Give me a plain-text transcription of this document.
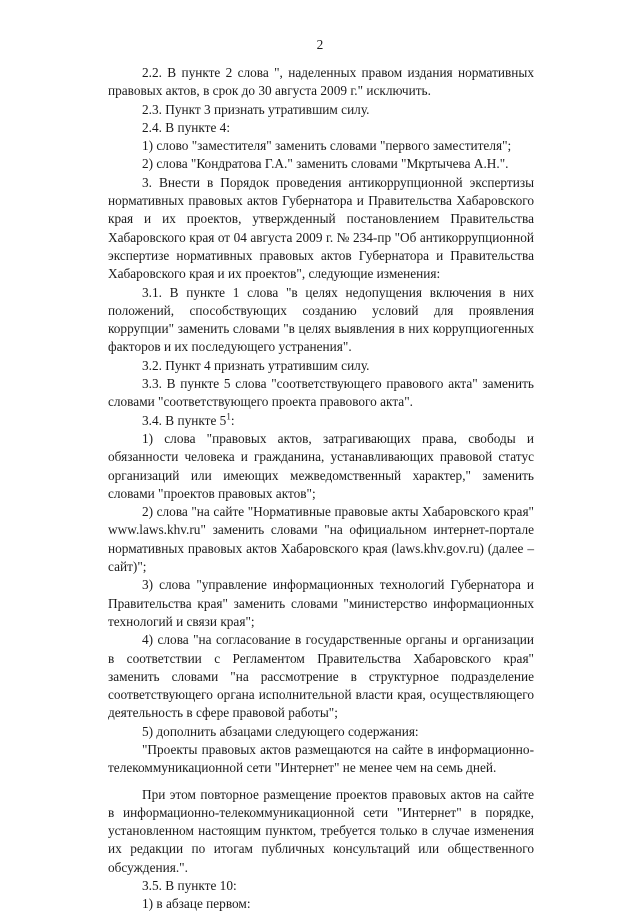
2

2.2. В пункте 2 слова ", наделенных правом издания нормативных правовых актов, в срок до 30 августа 2009 г." исключить.

2.3. Пункт 3 признать утратившим силу.

2.4. В пункте 4:

1) слово "заместителя" заменить словами "первого заместителя";

2) слова "Кондратова Г.А." заменить словами "Мкртычева А.Н.".

3. Внести в Порядок проведения антикоррупционной экспертизы нормативных правовых актов Губернатора и Правительства Хабаровского края и их проектов, утвержденный постановлением Правительства Хабаровского края от 04 августа 2009 г. № 234-пр "Об антикоррупционной экспертизе нормативных правовых актов Губернатора и Правительства Хабаровского края и их проектов", следующие изменения:

3.1. В пункте 1 слова "в целях недопущения включения в них положений, способствующих созданию условий для проявления коррупции" заменить словами "в целях выявления в них коррупциогенных факторов и их последующего устранения".

3.2. Пункт 4 признать утратившим силу.

3.3. В пункте 5 слова "соответствующего правового акта" заменить словами "соответствующего проекта правового акта".

3.4. В пункте $5^1$:

1) слова "правовых актов, затрагивающих права, свободы и обязанности человека и гражданина, устанавливающих правовой статус организаций или имеющих межведомственный характер," заменить словами "проектов правовых актов";

2) слова "на сайте "Нормативные правовые акты Хабаровского края" www.laws.khv.ru" заменить словами "на официальном интернет-портале нормативных правовых актов Хабаровского края (laws.khv.gov.ru) (далее – сайт)";

3) слова "управление информационных технологий Губернатора и Правительства края" заменить словами "министерство информационных технологий и связи края";

4) слова "на согласование в государственные органы и организации в соответствии с Регламентом Правительства Хабаровского края" заменить словами "на рассмотрение в структурное подразделение соответствующего органа исполнительной власти края, осуществляющего деятельность в сфере правовой работы";

5) дополнить абзацами следующего содержания:

"Проекты правовых актов размещаются на сайте в информационно-телекоммуникационной сети "Интернет" не менее чем на семь дней.

При этом повторное размещение проектов правовых актов на сайте в информационно-телекоммуникационной сети "Интернет" в порядке, установленном настоящим пунктом, требуется только в случае изменения их редакции по итогам публичных консультаций или общественного обсуждения.".

3.5. В пункте 10:

1) в абзаце первом:
